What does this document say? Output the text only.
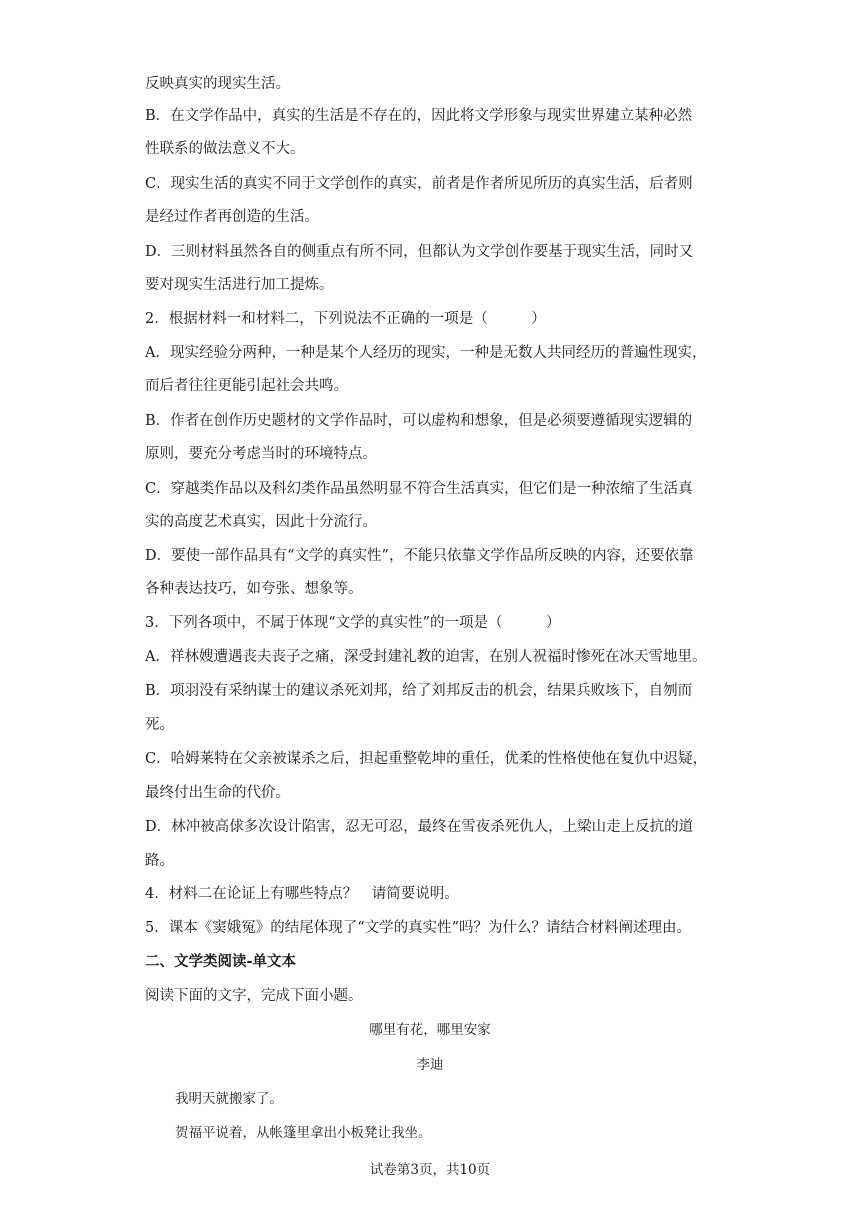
反映真实的现实生活。
B．在文学作品中，真实的生活是不存在的，因此将文学形象与现实世界建立某种必然
性联系的做法意义不大。
C．现实生活的真实不同于文学创作的真实，前者是作者所见所历的真实生活，后者则
是经过作者再创造的生活。
D．三则材料虽然各自的侧重点有所不同，但都认为文学创作要基于现实生活，同时又
要对现实生活进行加工提炼。
2．根据材料一和材料二，下列说法不正确的一项是（　　　）
A．现实经验分两种，一种是某个人经历的现实，一种是无数人共同经历的普遍性现实，
而后者往往更能引起社会共鸣。
B．作者在创作历史题材的文学作品时，可以虚构和想象，但是必须要遵循现实逻辑的
原则，要充分考虑当时的环境特点。
C．穿越类作品以及科幻类作品虽然明显不符合生活真实，但它们是一种浓缩了生活真
实的高度艺术真实，因此十分流行。
D．要使一部作品具有“文学的真实性”，不能只依靠文学作品所反映的内容，还要依靠
各种表达技巧，如夸张、想象等。
3．下列各项中，不属于体现“文学的真实性”的一项是（　　　）
A．祥林嫂遭遇丧夫丧子之痛，深受封建礼教的迫害，在别人祝福时惨死在冰天雪地里。
B．项羽没有采纳谋士的建议杀死刘邦，给了刘邦反击的机会，结果兵败垓下，自刎而
死。
C．哈姆莱特在父亲被谋杀之后，担起重整乾坤的重任，优柔的性格使他在复仇中迟疑，
最终付出生命的代价。
D．林冲被高俅多次设计陷害，忍无可忍，最终在雪夜杀死仇人，上梁山走上反抗的道
路。
4．材料二在论证上有哪些特点？　请简要说明。
5．课本《窦娥冤》的结尾体现了“文学的真实性”吗？为什么？请结合材料阐述理由。
二、文学类阅读-单文本
阅读下面的文字，完成下面小题。
哪里有花，哪里安家
李迪
我明天就搬家了。
贺福平说着，从帐篷里拿出小板凳让我坐。
试卷第3页，共10页
